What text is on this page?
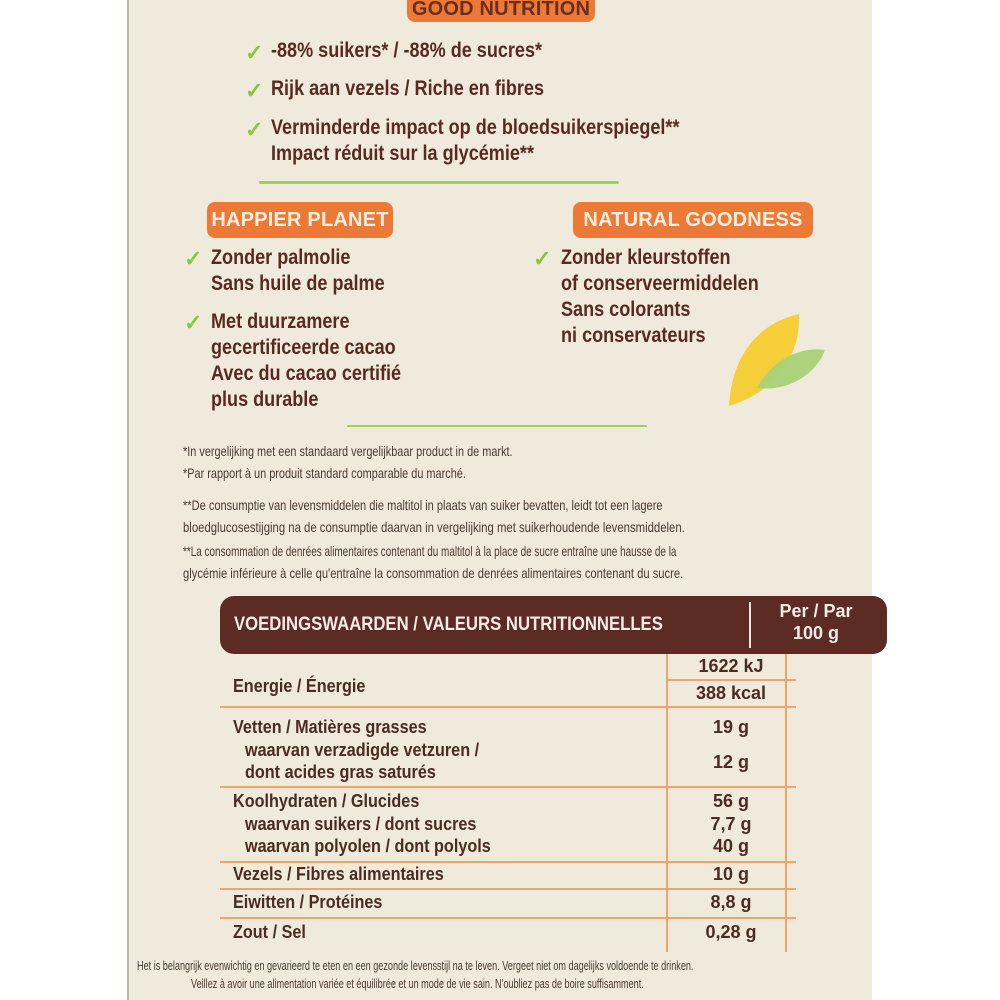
GOOD NUTRITION
✓ -88% suikers* / -88% de sucres*
✓ Rijk aan vezels / Riche en fibres
✓ Verminderde impact op de bloedsuikerspiegel**
Impact réduit sur la glycémie**
HAPPIER PLANET
✓ Zonder palmolie
Sans huile de palme
✓ Met duurzamere
gecertificeerde cacao
Avec du cacao certifié
plus durable
NATURAL GOODNESS
✓ Zonder kleurstoffen
of conserveermiddelen
Sans colorants
ni conservateurs
*In vergelijking met een standaard vergelijkbaar product in de markt.
*Par rapport à un produit standard comparable du marché.
**De consumptie van levensmiddelen die maltitol in plaats van suiker bevatten, leidt tot een lagere
bloedglucosestijging na de consumptie daarvan in vergelijking met suikerhoudende levensmiddelen.
**La consommation de denrées alimentaires contenant du maltitol à la place de sucre entraîne une hausse de la
glycémie inférieure à celle qu'entraîne la consommation de denrées alimentaires contenant du sucre.
VOEDINGSWAARDEN / VALEURS NUTRITIONNELLES
Per / Par
100 g
Energie / Énergie
1622 kJ
388 kcal
Vetten / Matières grasses	19 g
waarvan verzadigde vetzuren /
dont acides gras saturés	12 g
Koolhydraten / Glucides	56 g
waarvan suikers / dont sucres	7,7 g
waarvan polyolen / dont polyols	40 g
Vezels / Fibres alimentaires	10 g
Eiwitten / Protéines	8,8 g
Zout / Sel	0,28 g
Het is belangrijk evenwichtig en gevarieerd te eten en een gezonde levensstijl na te leven. Vergeet niet om dagelijks voldoende te drinken.
Veillez à avoir une alimentation variée et équilibrée et un mode de vie sain. N'oubliez pas de boire suffisamment.
